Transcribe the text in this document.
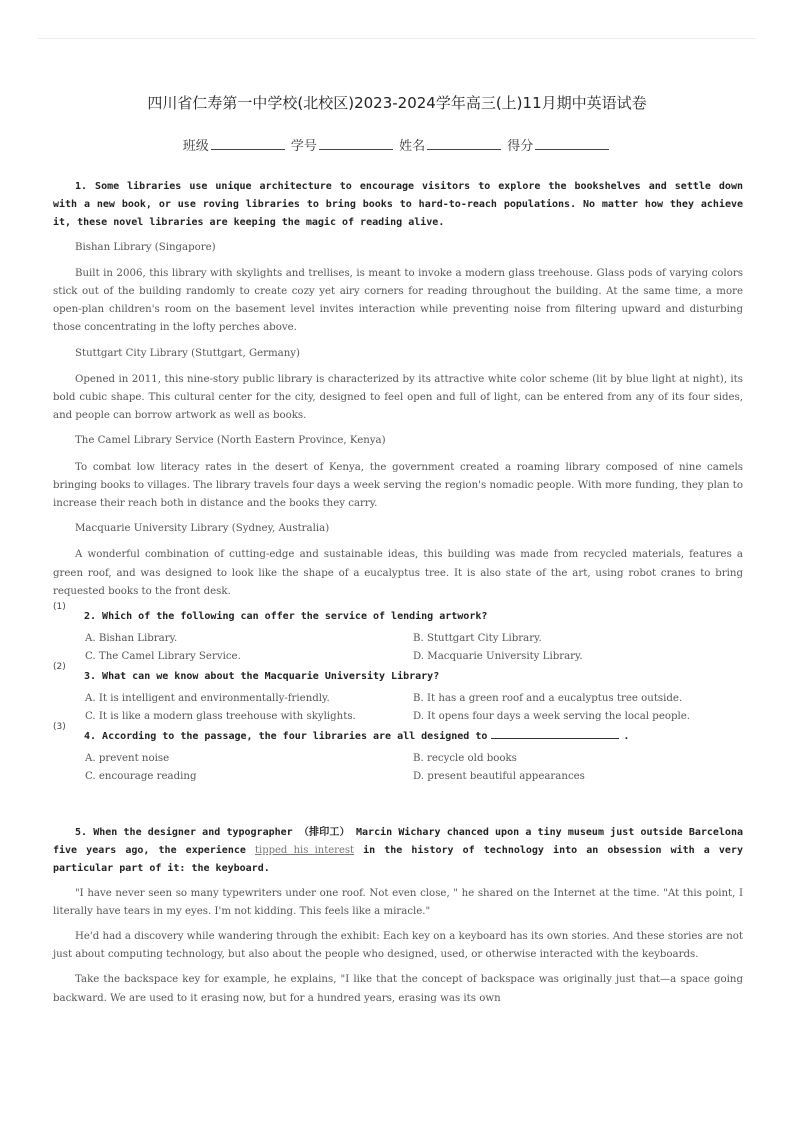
四川省仁寿第一中学校(北校区)2023-2024学年高三(上)11月期中英语试卷
班级	学号	姓名	得分
1. Some libraries use unique architecture to encourage visitors to explore the bookshelves and settle down with a new book, or use roving libraries to bring books to hard-to-reach populations. No matter how they achieve it, these novel libraries are keeping the magic of reading alive.
Bishan Library (Singapore)
Built in 2006, this library with skylights and trellises, is meant to invoke a modern glass treehouse. Glass pods of varying colors stick out of the building randomly to create cozy yet airy corners for reading throughout the building. At the same time, a more open-plan children's room on the basement level invites interaction while preventing noise from filtering upward and disturbing those concentrating in the lofty perches above.
Stuttgart City Library (Stuttgart, Germany)
Opened in 2011, this nine-story public library is characterized by its attractive white color scheme (lit by blue light at night), its bold cubic shape. This cultural center for the city, designed to feel open and full of light, can be entered from any of its four sides, and people can borrow artwork as well as books.
The Camel Library Service (North Eastern Province, Kenya)
To combat low literacy rates in the desert of Kenya, the government created a roaming library composed of nine camels bringing books to villages. The library travels four days a week serving the region's nomadic people. With more funding, they plan to increase their reach both in distance and the books they carry.
Macquarie University Library (Sydney, Australia)
A wonderful combination of cutting-edge and sustainable ideas, this building was made from recycled materials, features a green roof, and was designed to look like the shape of a eucalyptus tree. It is also state of the art, using robot cranes to bring requested books to the front desk.
(1)
2. Which of the following can offer the service of lending artwork?
A. Bishan Library.	B. Stuttgart City Library.
C. The Camel Library Service.	D. Macquarie University Library.
(2)
3. What can we know about the Macquarie University Library?
A. It is intelligent and environmentally-friendly.	B. It has a green roof and a eucalyptus tree outside.
C. It is like a modern glass treehouse with skylights.	D. It opens four days a week serving the local people.
(3)
4. According to the passage, the four libraries are all designed to	.
A. prevent noise	B. recycle old books
C. encourage reading	D. present beautiful appearances
5. When the designer and typographer （排印工） Marcin Wichary chanced upon a tiny museum just outside Barcelona five years ago, the experience tipped his interest in the history of technology into an obsession with a very particular part of it: the keyboard.
"I have never seen so many typewriters under one roof. Not even close, " he shared on the Internet at the time. "At this point, I literally have tears in my eyes. I'm not kidding. This feels like a miracle."
He'd had a discovery while wandering through the exhibit: Each key on a keyboard has its own stories. And these stories are not just about computing technology, but also about the people who designed, used, or otherwise interacted with the keyboards.
Take the backspace key for example, he explains, "I like that the concept of backspace was originally just that—a space going backward. We are used to it erasing now, but for a hundred years, erasing was its own
